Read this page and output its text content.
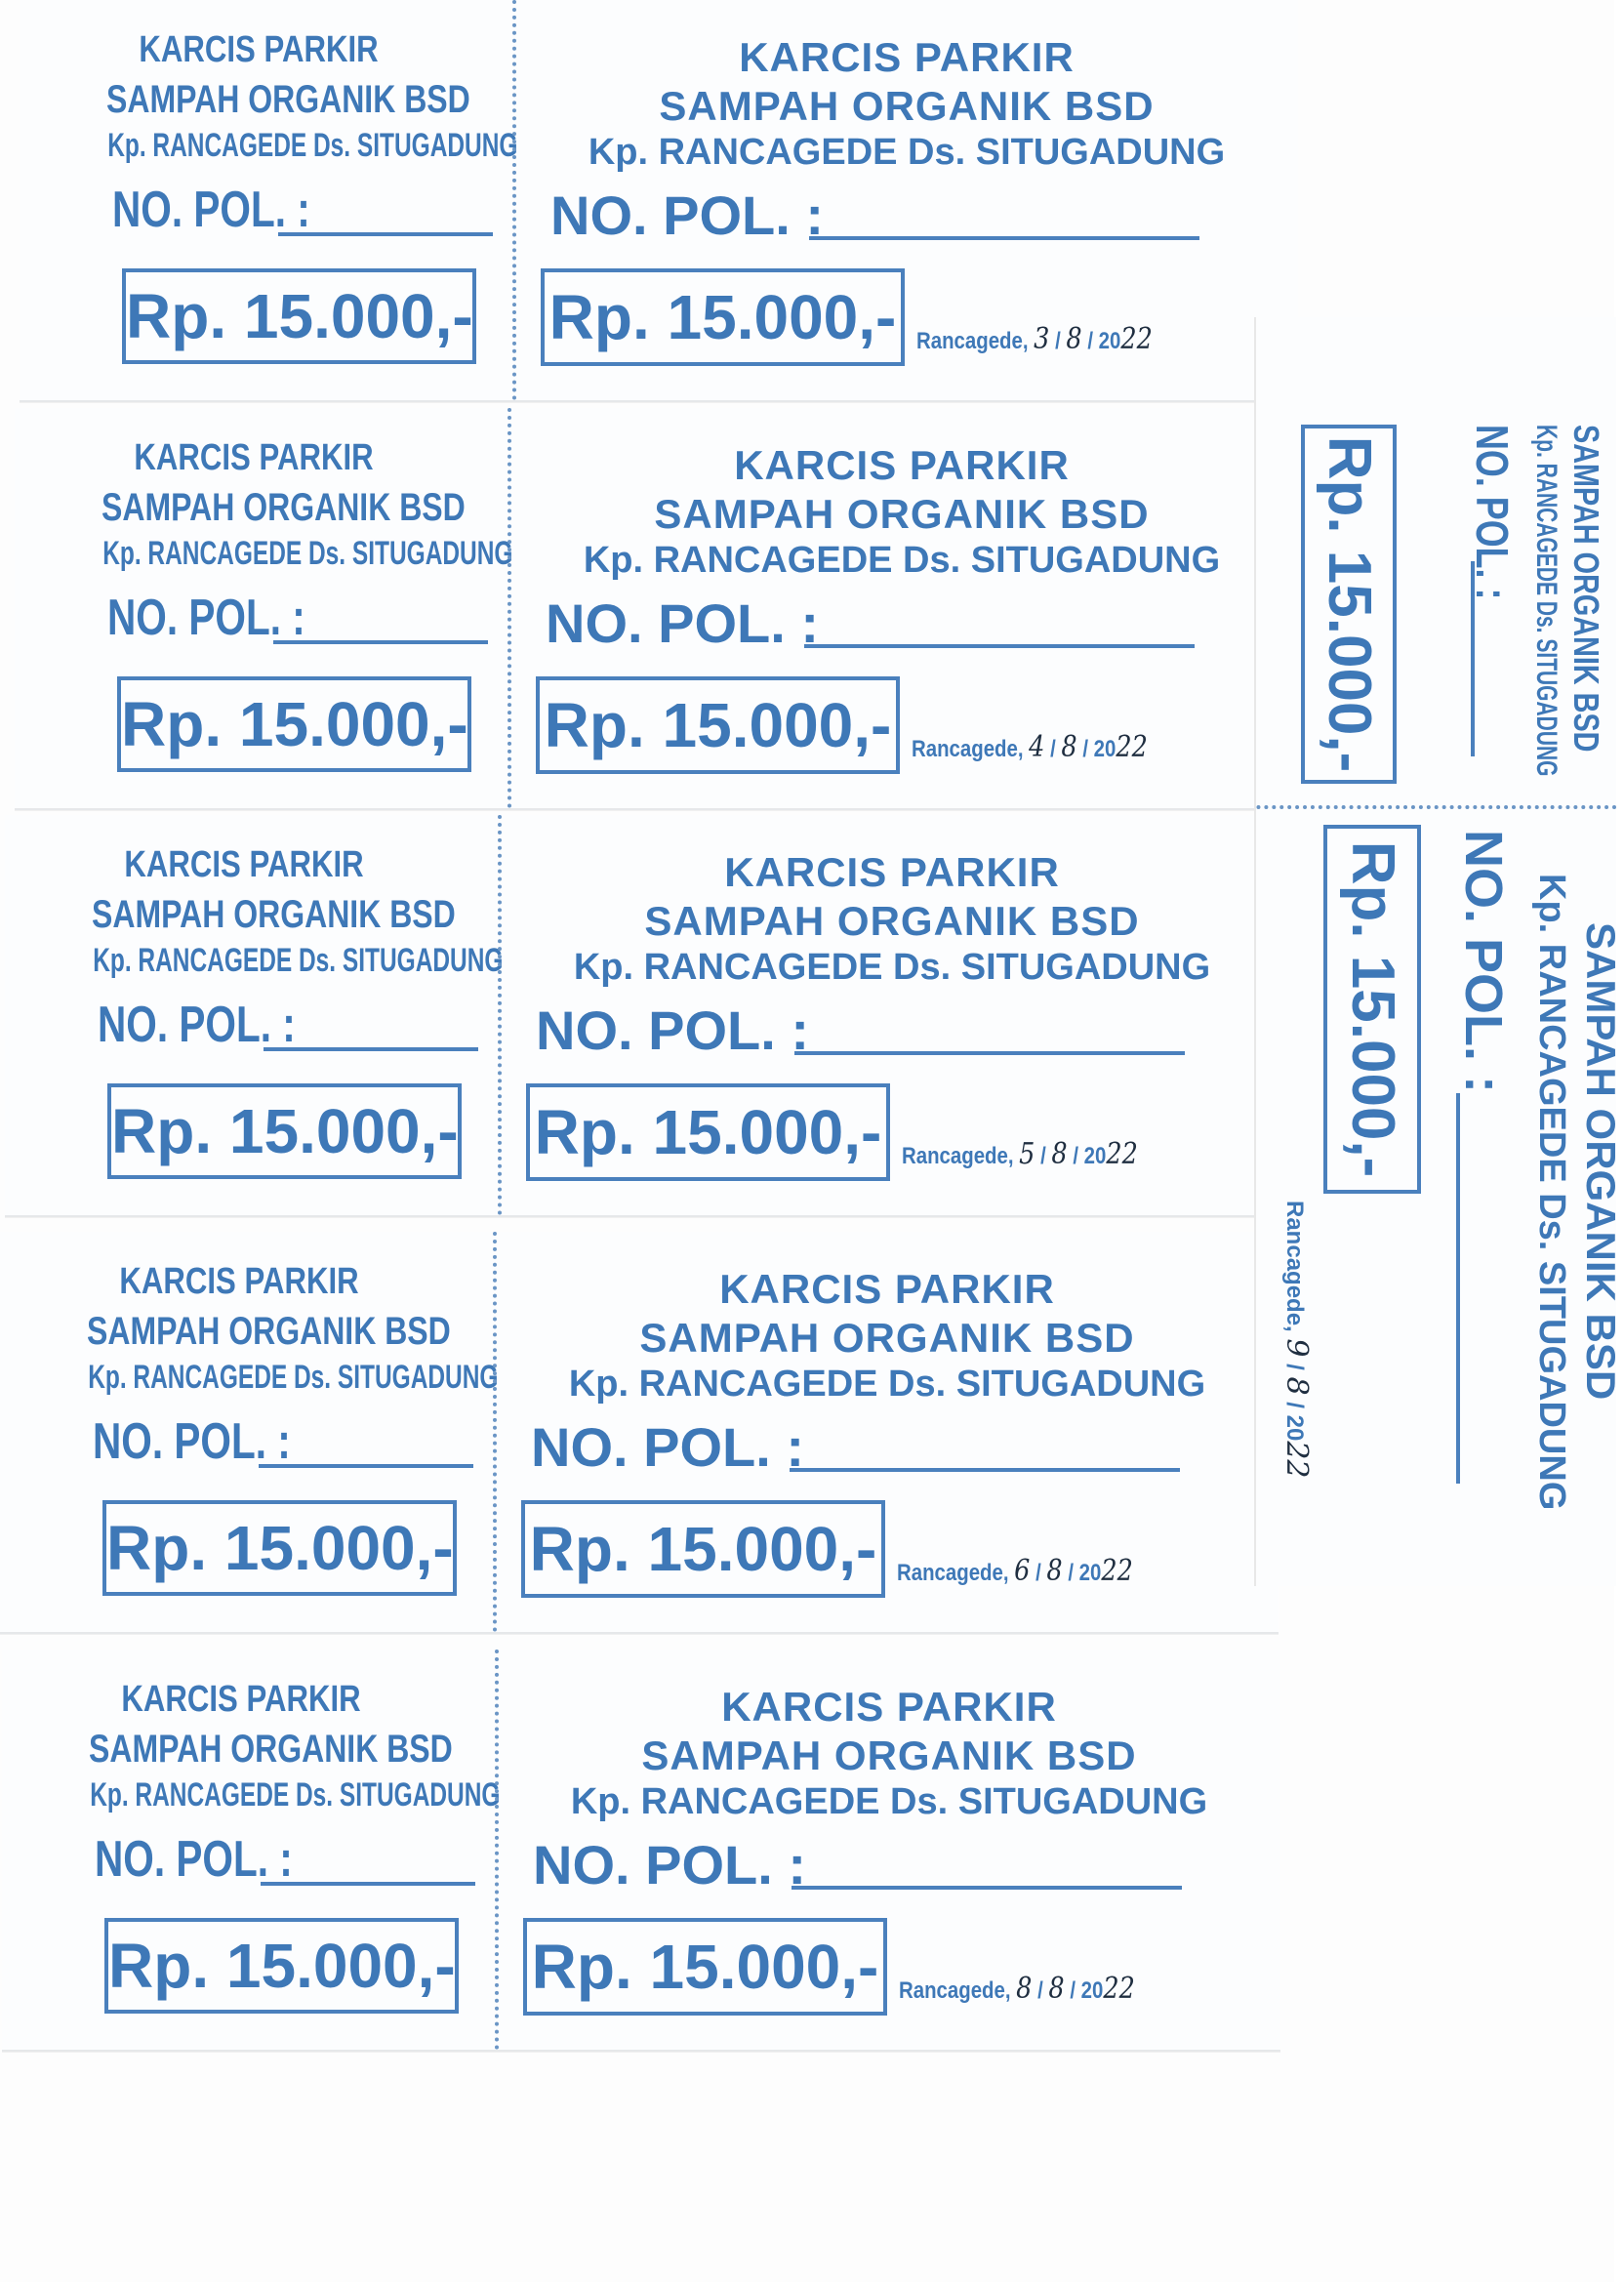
KARCIS PARKIR
SAMPAH ORGANIK BSD
Kp. RANCAGEDE Ds. SITUGADUNG
NO. POL. :
Rp. 15.000,-
KARCIS PARKIR
SAMPAH ORGANIK BSD
Kp. RANCAGEDE Ds. SITUGADUNG
NO. POL. :
Rp. 15.000,- Rancagede, 3 / 8 / 2022
KARCIS PARKIR
SAMPAH ORGANIK BSD
Kp. RANCAGEDE Ds. SITUGADUNG
NO. POL. :
Rp. 15.000,-
KARCIS PARKIR
SAMPAH ORGANIK BSD
Kp. RANCAGEDE Ds. SITUGADUNG
NO. POL. :
Rp. 15.000,- Rancagede, 4 / 8 / 2022
KARCIS PARKIR
SAMPAH ORGANIK BSD
Kp. RANCAGEDE Ds. SITUGADUNG
NO. POL. :
Rp. 15.000,-
KARCIS PARKIR
SAMPAH ORGANIK BSD
Kp. RANCAGEDE Ds. SITUGADUNG
NO. POL. :
Rp. 15.000,- Rancagede, 5 / 8 / 2022
KARCIS PARKIR
SAMPAH ORGANIK BSD
Kp. RANCAGEDE Ds. SITUGADUNG
NO. POL. :
Rp. 15.000,-
KARCIS PARKIR
SAMPAH ORGANIK BSD
Kp. RANCAGEDE Ds. SITUGADUNG
NO. POL. :
Rp. 15.000,- Rancagede, 6 / 8 / 2022
KARCIS PARKIR
SAMPAH ORGANIK BSD
Kp. RANCAGEDE Ds. SITUGADUNG
NO. POL. :
Rp. 15.000,-
KARCIS PARKIR
SAMPAH ORGANIK BSD
Kp. RANCAGEDE Ds. SITUGADUNG
NO. POL. :
Rp. 15.000,- Rancagede, 8 / 8 / 2022
SAMPAH ORGANIK BSD
Kp. RANCAGEDE Ds. SITUGADUNG
NO. POL. :
Rp. 15.000,-
SAMPAH ORGANIK BSD
Kp. RANCAGEDE Ds. SITUGADUNG
NO. POL. :
Rp. 15.000,-
Rancagede, 9 / 8 / 2022
